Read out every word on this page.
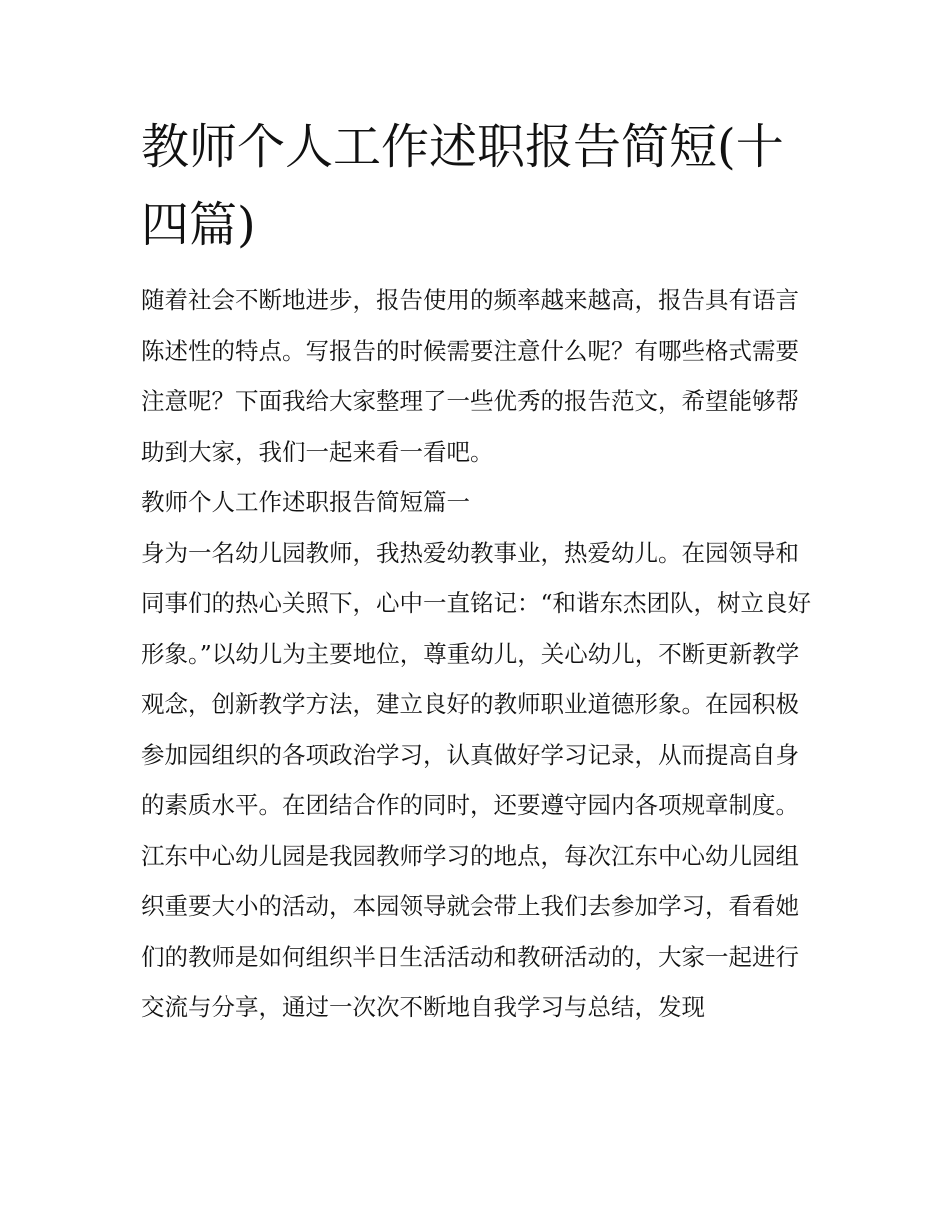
教师个人工作述职报告简短(十四篇)

随着社会不断地进步，报告使用的频率越来越高，报告具有语言陈述性的特点。写报告的时候需要注意什么呢？有哪些格式需要注意呢？下面我给大家整理了一些优秀的报告范文，希望能够帮助到大家，我们一起来看一看吧。

教师个人工作述职报告简短篇一

身为一名幼儿园教师，我热爱幼教事业，热爱幼儿。在园领导和同事们的热心关照下，心中一直铭记：“和谐东杰团队，树立良好形象。”以幼儿为主要地位，尊重幼儿，关心幼儿，不断更新教学观念，创新教学方法，建立良好的教师职业道德形象。在园积极参加园组织的各项政治学习，认真做好学习记录，从而提高自身的素质水平。在团结合作的同时，还要遵守园内各项规章制度。

江东中心幼儿园是我园教师学习的地点，每次江东中心幼儿园组织重要大小的活动，本园领导就会带上我们去参加学习，看看她们的教师是如何组织半日生活活动和教研活动的，大家一起进行交流与分享，通过一次次不断地自我学习与总结，发现
